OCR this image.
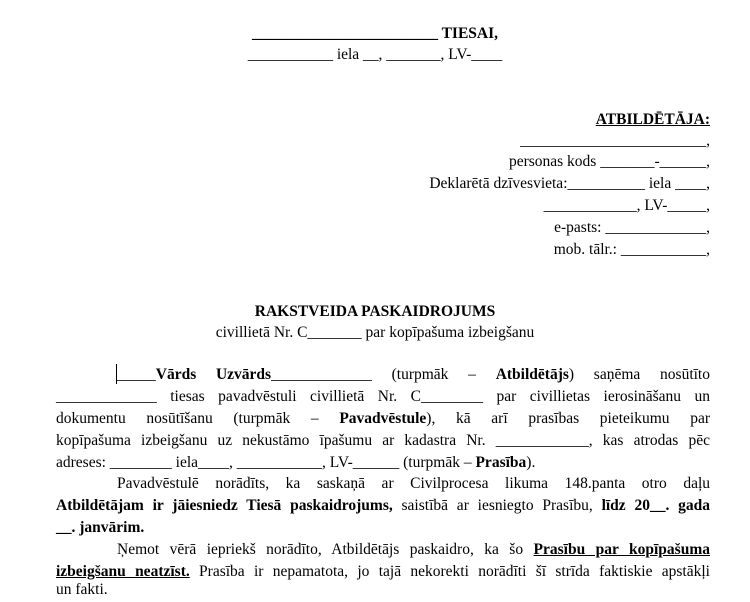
________________________ TIESAI,
___________ iela __, _______, LV-____
ATBILDĒTĀJA:
________________________,
personas kods _______-______,
Deklarētā dzīvesvieta:__________ iela ____,
____________, LV-_____,
e-pasts: _____________,
mob. tālr.: ___________,
RAKSTVEIDA PASKAIDROJUMS
civillietā Nr. C_______ par kopīpašuma izbeigšanu
_____Vārds Uzvārds_____________ (turpmāk – Atbildētājs) saņēma nosūtīto
_____________ tiesas pavadvēstuli civillietā Nr. C________ par civillietas ierosināšanu un
dokumentu nosūtīšanu (turpmāk – Pavadvēstule), kā arī prasības pieteikumu par
kopīpašuma izbeigšanu uz nekustāmo īpašumu ar kadastra Nr. ____________, kas atrodas pēc
adreses: ________ iela____, ___________, LV-______ (turpmāk – Prasība).
Pavadvēstulē norādīts, ka saskaņā ar Civilprocesa likuma 148.panta otro daļu
Atbildētājam ir jāiesniedz Tiesā paskaidrojums, saistībā ar iesniegto Prasību, līdz 20__. gada
__. janvārim.
Ņemot vērā iepriekš norādīto, Atbildētājs paskaidro, ka šo Prasību par kopīpašuma
izbeigšanu neatzīst. Prasība ir nepamatota, jo tajā nekorekti norādīti šī strīda faktiskie apstākļi
un fakti.
